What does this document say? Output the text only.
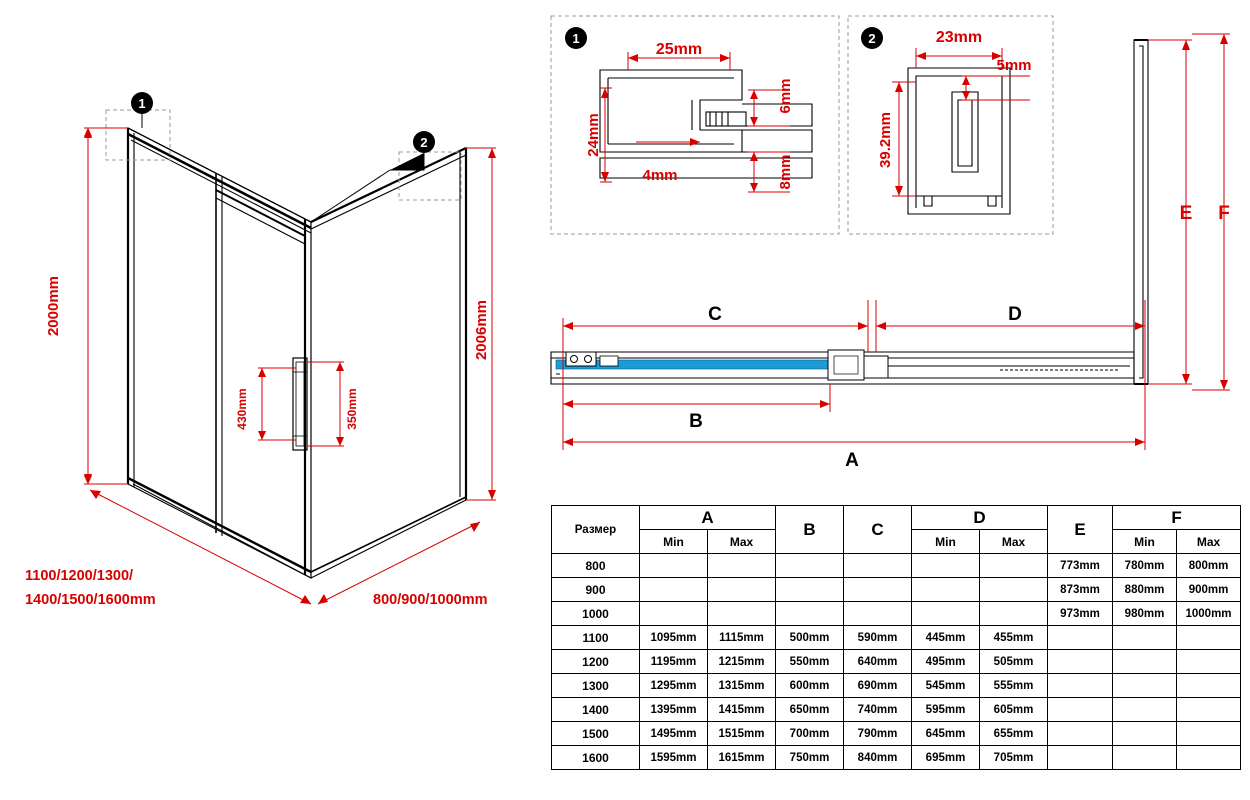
1
2
1	2
2000mm	2006mm
430mm	350mm
1100/1200/1300/
1400/1500/1600mm	800/900/1000mm
25mm
6mm
24mm
4mm	8mm
23mm
5mm
39.2mm
C	D
B
A
E F
Размер	A		B	C	D		E	F	
	Min	Max			Min	Max		Min	Max
800							773mm	780mm	800mm
900							873mm	880mm	900mm
1000							973mm	980mm	1000mm
1100	1095mm	1115mm	500mm	590mm	445mm	455mm			
1200	1195mm	1215mm	550mm	640mm	495mm	505mm			
1300	1295mm	1315mm	600mm	690mm	545mm	555mm			
1400	1395mm	1415mm	650mm	740mm	595mm	605mm			
1500	1495mm	1515mm	700mm	790mm	645mm	655mm			
1600	1595mm	1615mm	750mm	840mm	695mm	705mm			
